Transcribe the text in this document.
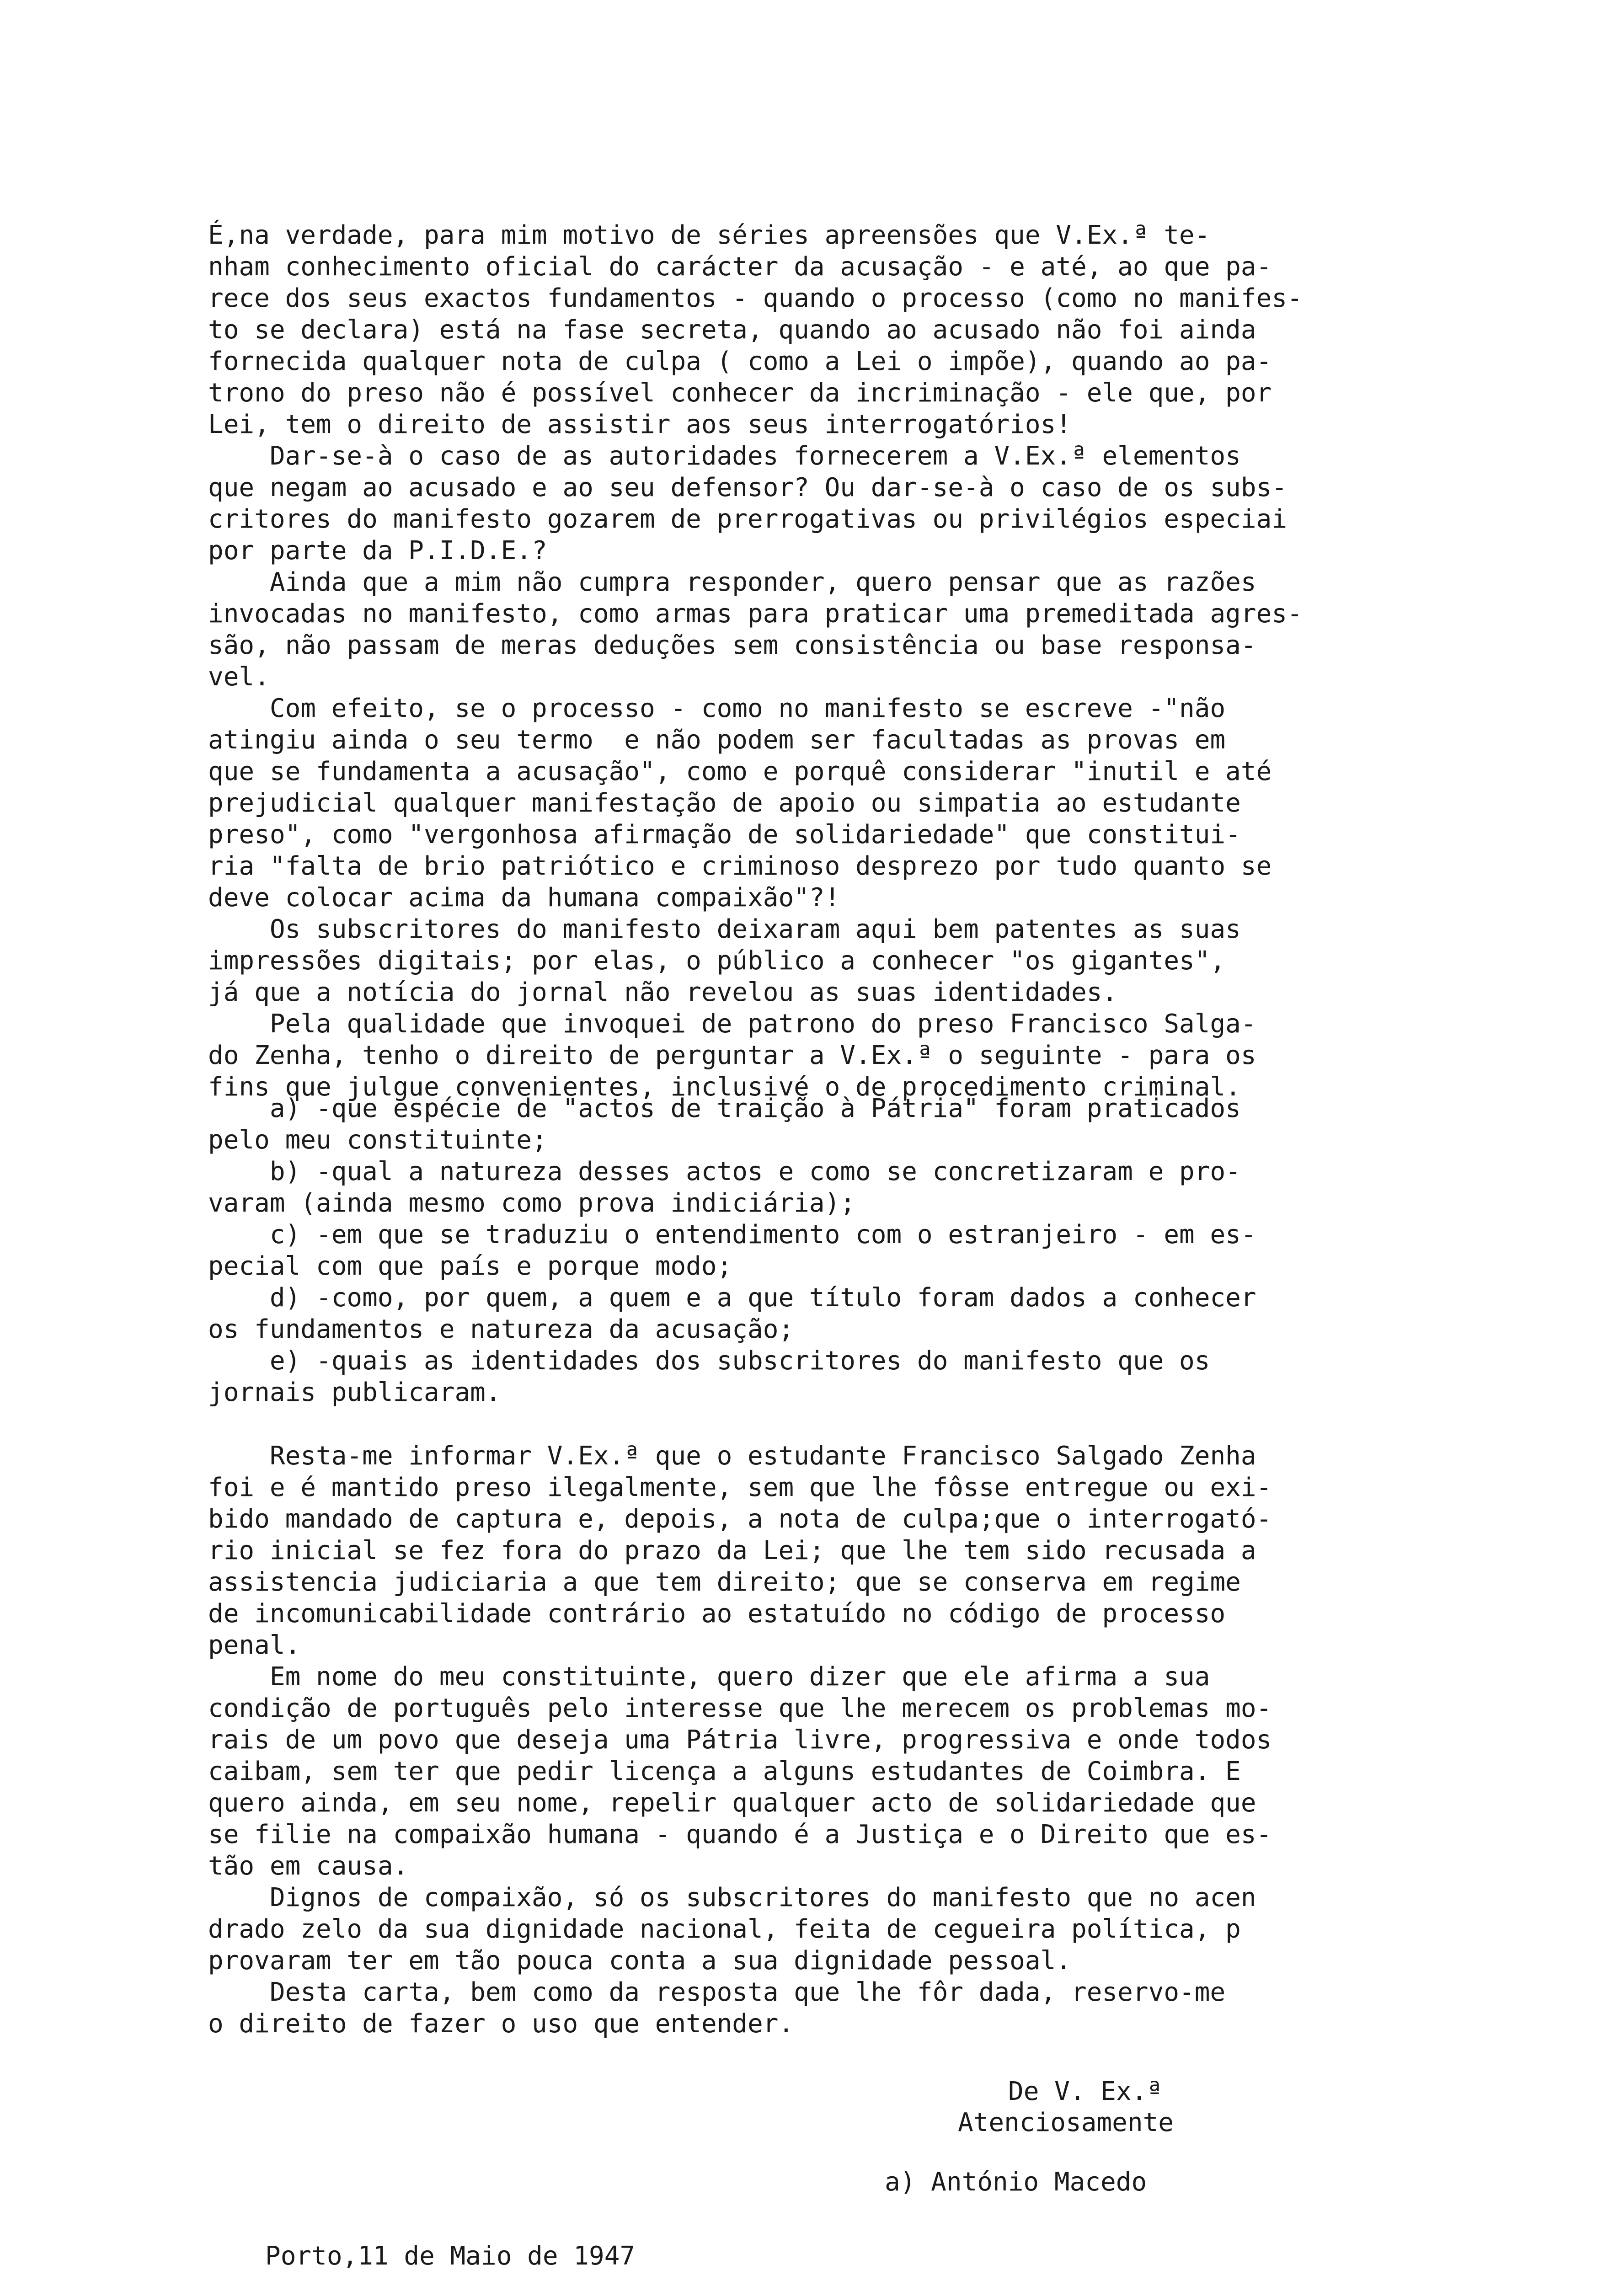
É,na verdade, para mim motivo de séries apreensões que V.Ex.ª te-
nham conhecimento oficial do carácter da acusação - e até, ao que pa-
rece dos seus exactos fundamentos - quando o processo (como no manifes-
to se declara) está na fase secreta, quando ao acusado não foi ainda
fornecida qualquer nota de culpa ( como a Lei o impõe), quando ao pa-
trono do preso não é possível conhecer da incriminação - ele que, por
Lei, tem o direito de assistir aos seus interrogatórios!
Dar-se-à o caso de as autoridades fornecerem a V.Ex.ª elementos
que negam ao acusado e ao seu defensor? Ou dar-se-à o caso de os subs-
critores do manifesto gozarem de prerrogativas ou privilégios especiai
por parte da P.I.D.E.?
Ainda que a mim não cumpra responder, quero pensar que as razões
invocadas no manifesto, como armas para praticar uma premeditada agres-
são, não passam de meras deduções sem consistência ou base responsa-
vel.
Com efeito, se o processo - como no manifesto se escreve -"não
atingiu ainda o seu termo  e não podem ser facultadas as provas em
que se fundamenta a acusação", como e porquê considerar "inutil e até
prejudicial qualquer manifestação de apoio ou simpatia ao estudante
preso", como "vergonhosa afirmação de solidariedade" que constitui-
ria "falta de brio patriótico e criminoso desprezo por tudo quanto se
deve colocar acima da humana compaixão"?!
Os subscritores do manifesto deixaram aqui bem patentes as suas
impressões digitais; por elas, o público a conhecer "os gigantes",
já que a notícia do jornal não revelou as suas identidades.
Pela qualidade que invoquei de patrono do preso Francisco Salga-
do Zenha, tenho o direito de perguntar a V.Ex.ª o seguinte - para os
fins que julgue convenientes, inclusivé o de procedimento criminal.
a) -que espécie de "actos de traição à Pátria" foram praticados
pelo meu constituinte;
b) -qual a natureza desses actos e como se concretizaram e pro-
varam (ainda mesmo como prova indiciária);
c) -em que se traduziu o entendimento com o estranjeiro - em es-
pecial com que país e porque modo;
d) -como, por quem, a quem e a que título foram dados a conhecer
os fundamentos e natureza da acusação;
e) -quais as identidades dos subscritores do manifesto que os
jornais publicaram.
Resta-me informar V.Ex.ª que o estudante Francisco Salgado Zenha
foi e é mantido preso ilegalmente, sem que lhe fôsse entregue ou exi-
bido mandado de captura e, depois, a nota de culpa;que o interrogató-
rio inicial se fez fora do prazo da Lei; que lhe tem sido recusada a
assistencia judiciaria a que tem direito; que se conserva em regime
de incomunicabilidade contrário ao estatuído no código de processo
penal.
Em nome do meu constituinte, quero dizer que ele afirma a sua
condição de português pelo interesse que lhe merecem os problemas mo-
rais de um povo que deseja uma Pátria livre, progressiva e onde todos
caibam, sem ter que pedir licença a alguns estudantes de Coimbra. E
quero ainda, em seu nome, repelir qualquer acto de solidariedade que
se filie na compaixão humana - quando é a Justiça e o Direito que es-
tão em causa.
Dignos de compaixão, só os subscritores do manifesto que no acen
drado zelo da sua dignidade nacional, feita de cegueira política, p
provaram ter em tão pouca conta a sua dignidade pessoal.
Desta carta, bem como da resposta que lhe fôr dada, reservo-me
o direito de fazer o uso que entender.
De V. Ex.ª
Atenciosamente
a) António Macedo
Porto,11 de Maio de 1947
